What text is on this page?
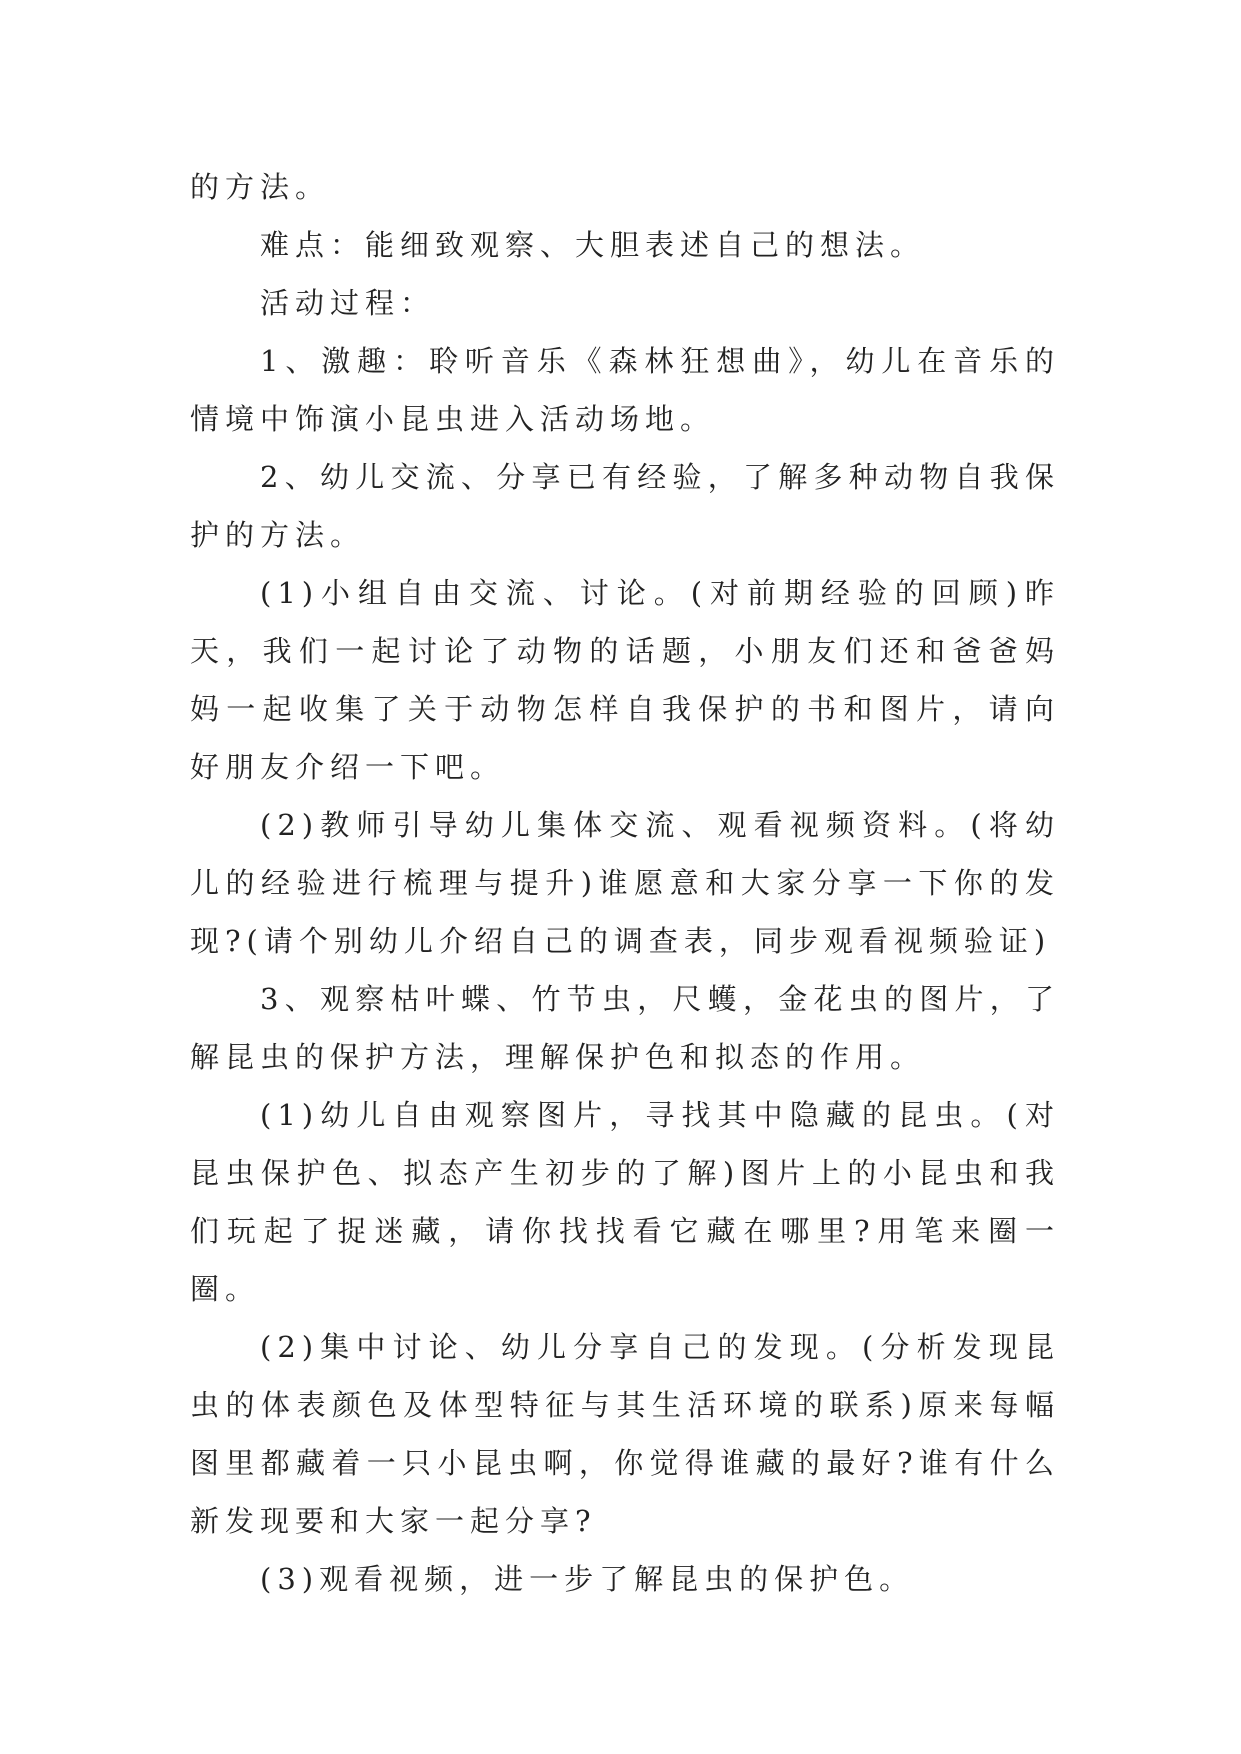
的方法。

难点：能细致观察、大胆表述自己的想法。

活动过程：

1、激趣：聆听音乐《森林狂想曲》，幼儿在音乐的情境中饰演小昆虫进入活动场地。

2、幼儿交流、分享已有经验，了解多种动物自我保护的方法。

(1)小组自由交流、讨论。(对前期经验的回顾)昨天，我们一起讨论了动物的话题，小朋友们还和爸爸妈妈一起收集了关于动物怎样自我保护的书和图片，请向好朋友介绍一下吧。

(2)教师引导幼儿集体交流、观看视频资料。(将幼儿的经验进行梳理与提升)谁愿意和大家分享一下你的发现?(请个别幼儿介绍自己的调查表，同步观看视频验证)

3、观察枯叶蝶、竹节虫，尺蠖，金花虫的图片，了解昆虫的保护方法，理解保护色和拟态的作用。

(1)幼儿自由观察图片，寻找其中隐藏的昆虫。(对昆虫保护色、拟态产生初步的了解)图片上的小昆虫和我们玩起了捉迷藏，请你找找看它藏在哪里?用笔来圈一圈。

(2)集中讨论、幼儿分享自己的发现。(分析发现昆虫的体表颜色及体型特征与其生活环境的联系)原来每幅图里都藏着一只小昆虫啊，你觉得谁藏的最好?谁有什么新发现要和大家一起分享?

(3)观看视频，进一步了解昆虫的保护色。
